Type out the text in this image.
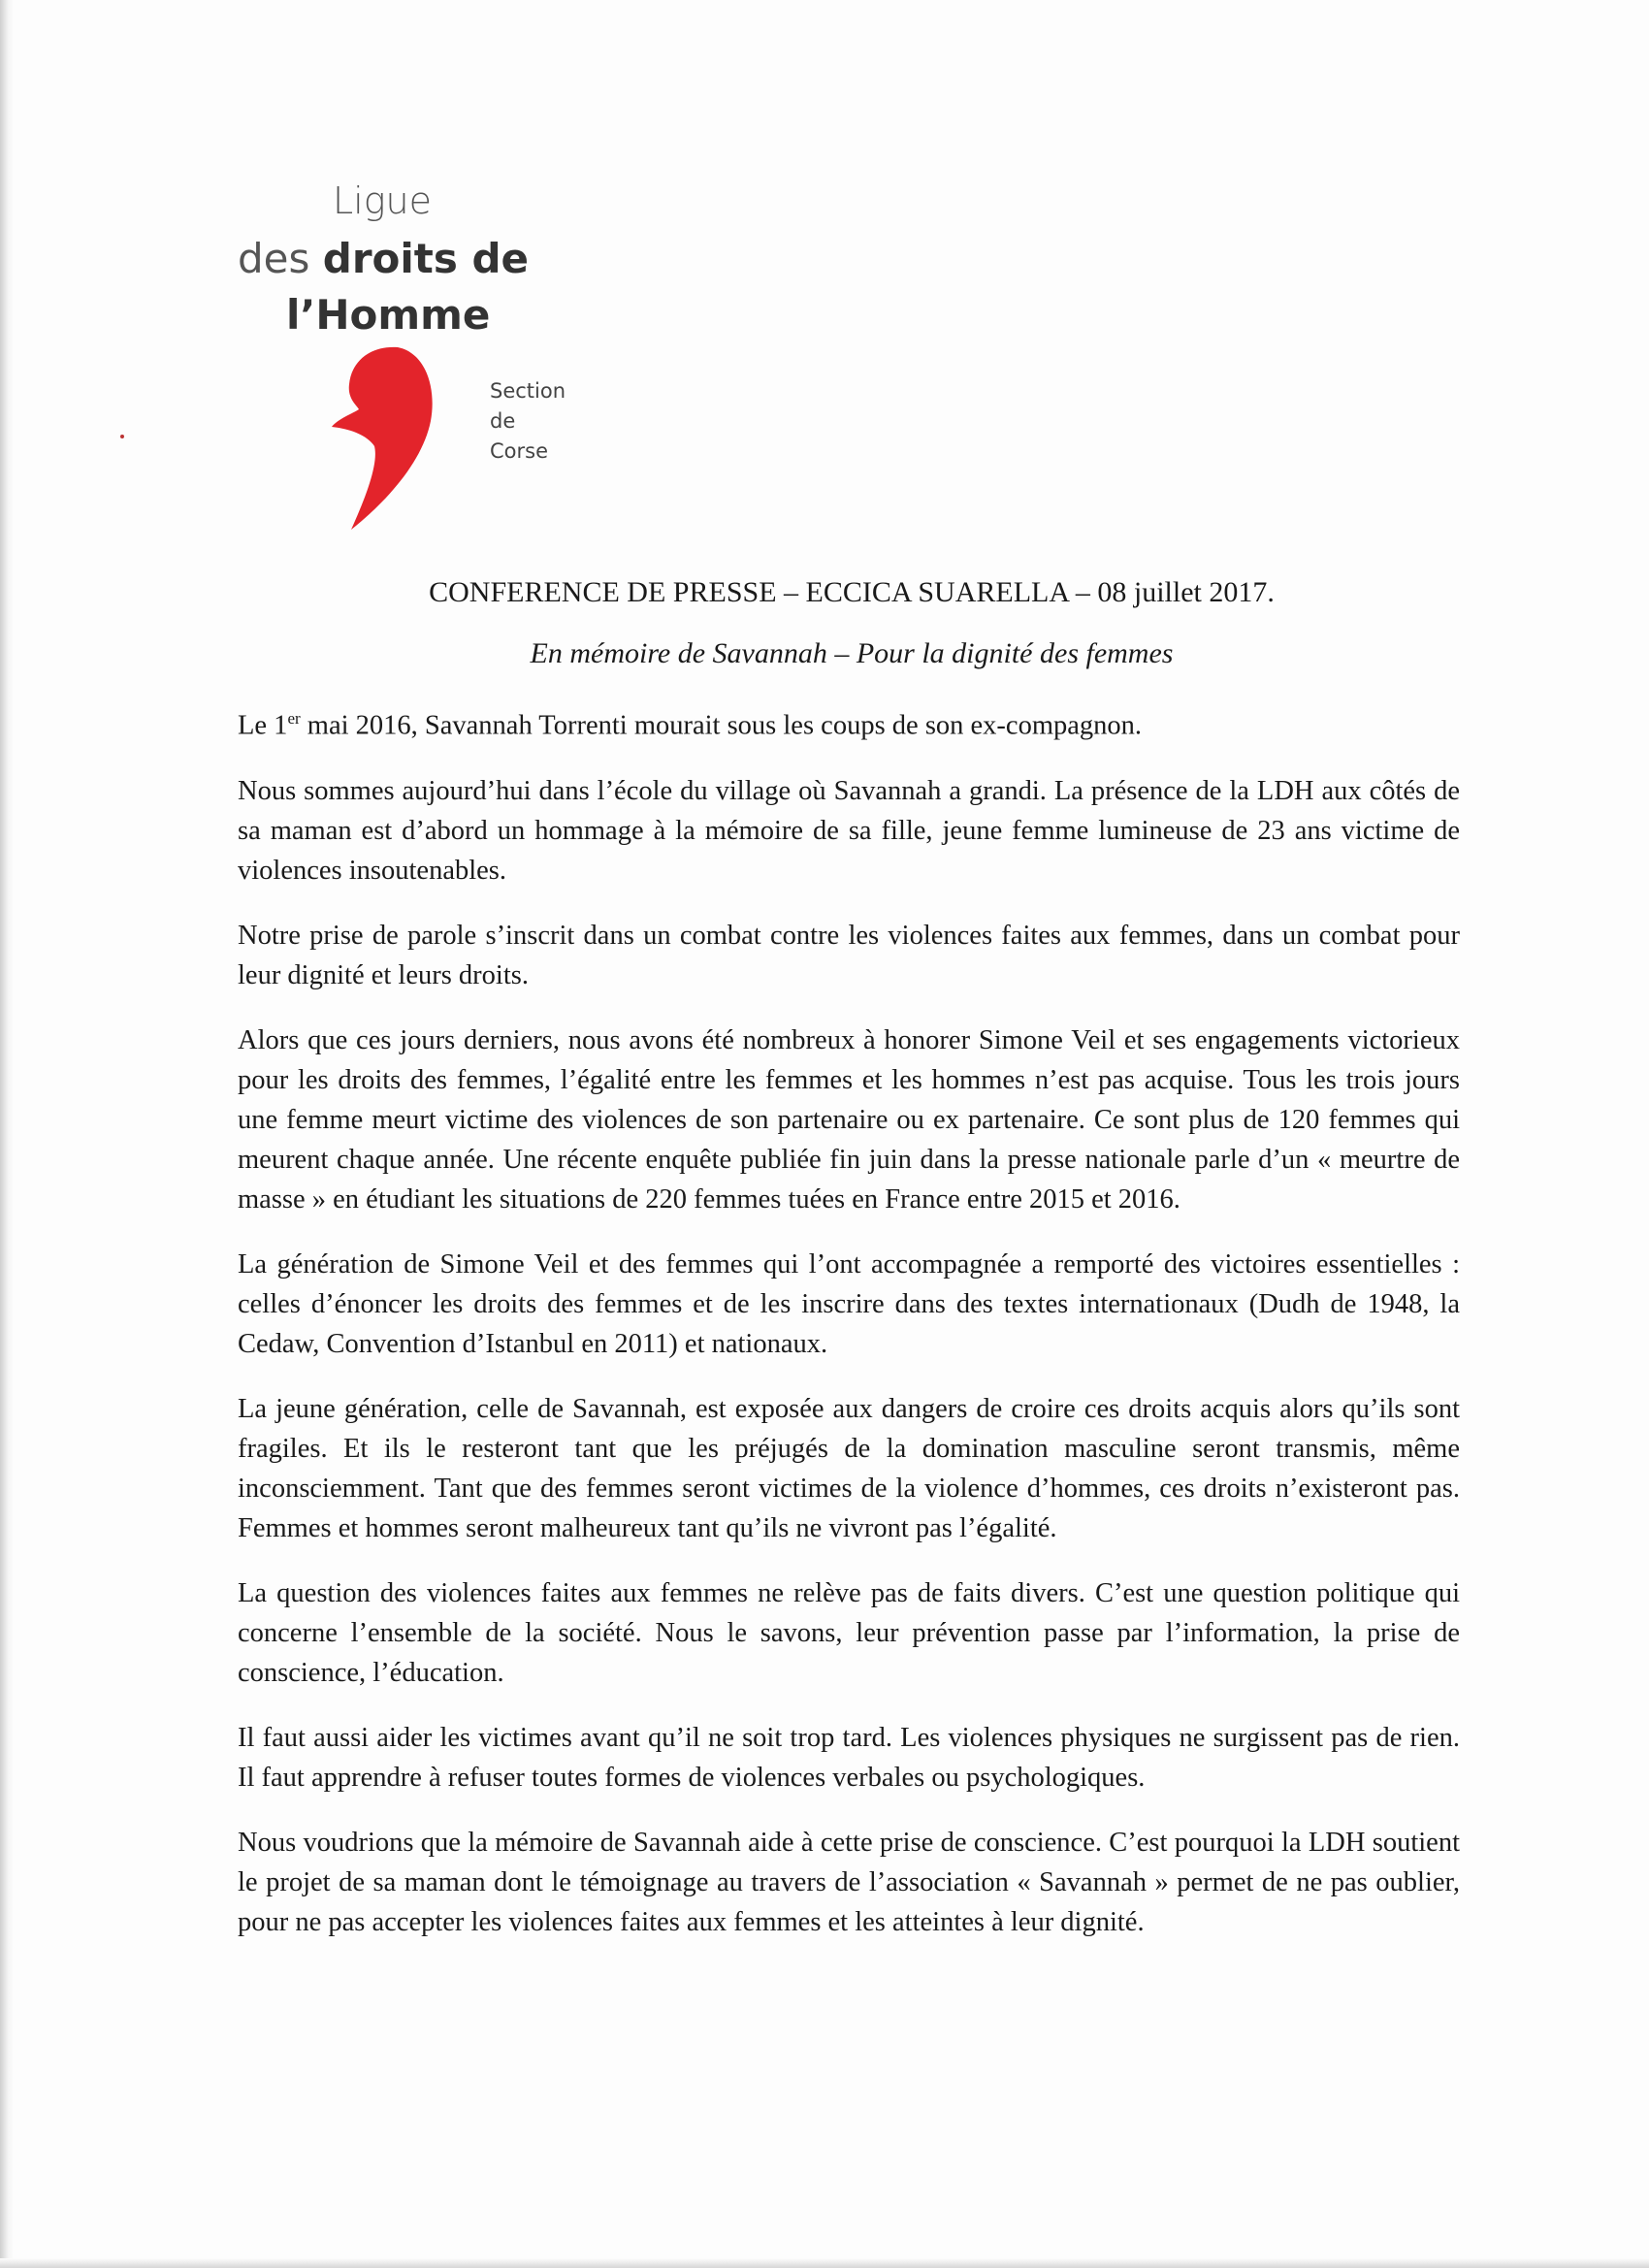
Ligue
des droits de
l’Homme
Section
de
Corse
CONFERENCE DE PRESSE – ECCICA SUARELLA – 08 juillet 2017.
En mémoire de Savannah – Pour la dignité des femmes

Le 1er mai 2016, Savannah Torrenti mourait sous les coups de son ex-compagnon.

Nous sommes aujourd’hui dans l’école du village où Savannah a grandi. La présence de la LDH aux côtés de sa maman est d’abord un hommage à la mémoire de sa fille, jeune femme lumineuse de 23 ans victime de violences insoutenables.

Notre prise de parole s’inscrit dans un combat contre les violences faites aux femmes, dans un combat pour leur dignité et leurs droits.

Alors que ces jours derniers, nous avons été nombreux à honorer Simone Veil et ses engagements victorieux pour les droits des femmes, l’égalité entre les femmes et les hommes n’est pas acquise. Tous les trois jours une femme meurt victime des violences de son partenaire ou ex partenaire. Ce sont plus de 120 femmes qui meurent chaque année. Une récente enquête publiée fin juin dans la presse nationale parle d’un « meurtre de masse » en étudiant les situations de 220 femmes tuées en France entre 2015 et 2016.

La génération de Simone Veil et des femmes qui l’ont accompagnée a remporté des victoires essentielles : celles d’énoncer les droits des femmes et de les inscrire dans des textes internationaux (Dudh de 1948, la Cedaw, Convention d’Istanbul en 2011) et nationaux.

La jeune génération, celle de Savannah, est exposée aux dangers de croire ces droits acquis alors qu’ils sont fragiles. Et ils le resteront tant que les préjugés de la domination masculine seront transmis, même inconsciemment. Tant que des femmes seront victimes de la violence d’hommes, ces droits n’existeront pas. Femmes et hommes seront malheureux tant qu’ils ne vivront pas l’égalité.

La question des violences faites aux femmes ne relève pas de faits divers. C’est une question politique qui concerne l’ensemble de la société. Nous le savons, leur prévention passe par l’information, la prise de conscience, l’éducation.

Il faut aussi aider les victimes avant qu’il ne soit trop tard. Les violences physiques ne surgissent pas de rien. Il faut apprendre à refuser toutes formes de violences verbales ou psychologiques.

Nous voudrions que la mémoire de Savannah aide à cette prise de conscience. C’est pourquoi la LDH soutient le projet de sa maman dont le témoignage au travers de l’association « Savannah » permet de ne pas oublier, pour ne pas accepter les violences faites aux femmes et les atteintes à leur dignité.
